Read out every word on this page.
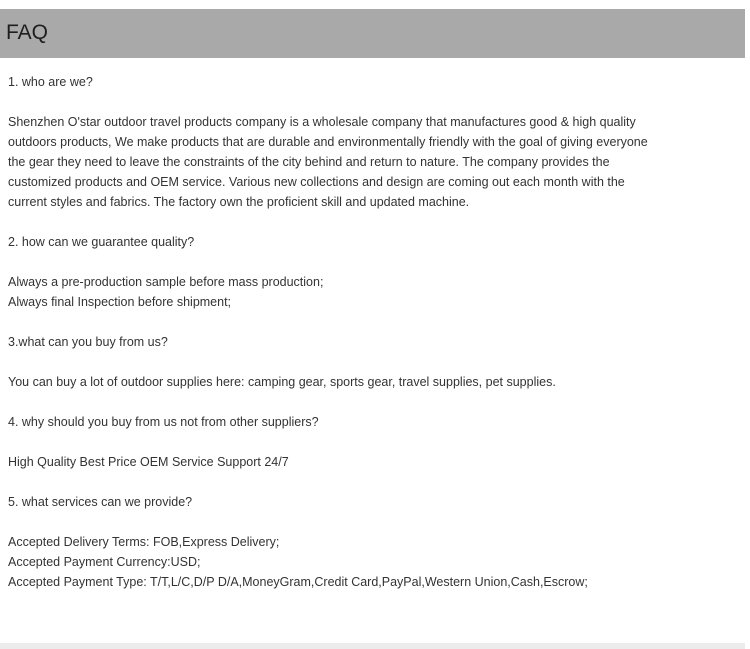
FAQ
1. who are we?
Shenzhen O'star outdoor travel products company is a wholesale company that manufactures good & high quality
outdoors products, We make products that are durable and environmentally friendly with the goal of giving everyone
the gear they need to leave the constraints of the city behind and return to nature. The company provides the
customized products and OEM service. Various new collections and design are coming out each month with the
current styles and fabrics. The factory own the proficient skill and updated machine.
2. how can we guarantee quality?
Always a pre-production sample before mass production;
Always final Inspection before shipment;
3.what can you buy from us?
You can buy a lot of outdoor supplies here: camping gear, sports gear, travel supplies, pet supplies.
4. why should you buy from us not from other suppliers?
High Quality Best Price OEM Service Support 24/7
5. what services can we provide?
Accepted Delivery Terms: FOB,Express Delivery;
Accepted Payment Currency:USD;
Accepted Payment Type: T/T,L/C,D/P D/A,MoneyGram,Credit Card,PayPal,Western Union,Cash,Escrow;
